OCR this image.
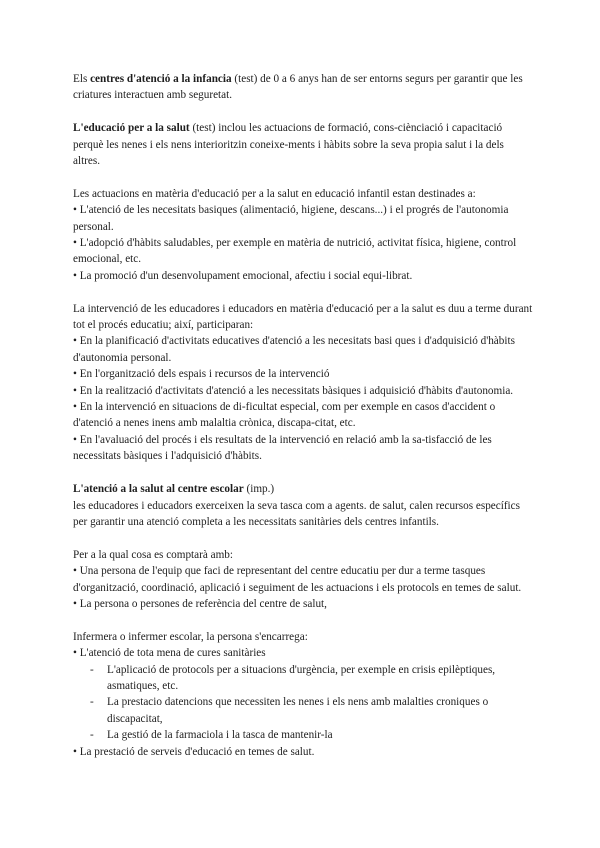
Els centres d'atenció a la infancia (test) de 0 a 6 anys han de ser entorns segurs per garantir que les criatures interactuen amb seguretat.

L'educació per a la salut (test) inclou les actuacions de formació, cons-ciènciació i capacitació perquè les nenes i els nens interioritzin coneixe-ments i hàbits sobre la seva propia salut i la dels altres.

Les actuacions en matèria d'educació per a la salut en educació infantil estan destinades a:

• L'atenció de les necesitats basiques (alimentació, higiene, descans...) i el progrés de l'autonomia personal.

• L'adopció d'hàbits saludables, per exemple en matèria de nutrició, activitat física, higiene, control emocional, etc.

• La promoció d'un desenvolupament emocional, afectiu i social equi-librat.

La intervenció de les educadores i educadors en matèria d'educació per a la salut es duu a terme durant tot el procés educatiu; així, participaran:

• En la planificació d'activitats educatives d'atenció a les necesitats basi ques i d'adquisició d'hàbits d'autonomia personal.

• En l'organització dels espais i recursos de la intervenció

• En la realització d'activitats d'atenció a les necessitats bàsiques i adquisició d'hàbits d'autonomia.

• En la intervenció en situacions de di-ficultat especial, com per exemple en casos d'accident o d'atenció a nenes inens amb malaltia crònica, discapa-citat, etc.

• En l'avaluació del procés i els resultats de la intervenció en relació amb la sa-tisfacció de les necessitats bàsiques i l'adquisició d'hàbits.

L'atenció a la salut al centre escolar (imp.)

les educadores i educadors exerceixen la seva tasca com a agents. de salut, calen recursos específics per garantir una atenció completa a les necessitats sanitàries dels centres infantils.

Per a la qual cosa es comptarà amb:

• Una persona de l'equip que faci de representant del centre educatiu per dur a terme tasques d'organització, coordinació, aplicació i seguiment de les actuacions i els protocols en temes de salut.

• La persona o persones de referència del centre de salut,

Infermera o infermer escolar, la persona s'encarrega:

• L'atenció de tota mena de cures sanitàries

- L'aplicació de protocols per a situacions d'urgència, per exemple en crisis epilèptiques, asmatiques, etc.

- La prestacio datencions que necessiten les nenes i els nens amb malalties croniques o discapacitat,

- La gestió de la farmaciola i la tasca de mantenir-la

• La prestació de serveis d'educació en temes de salut.
